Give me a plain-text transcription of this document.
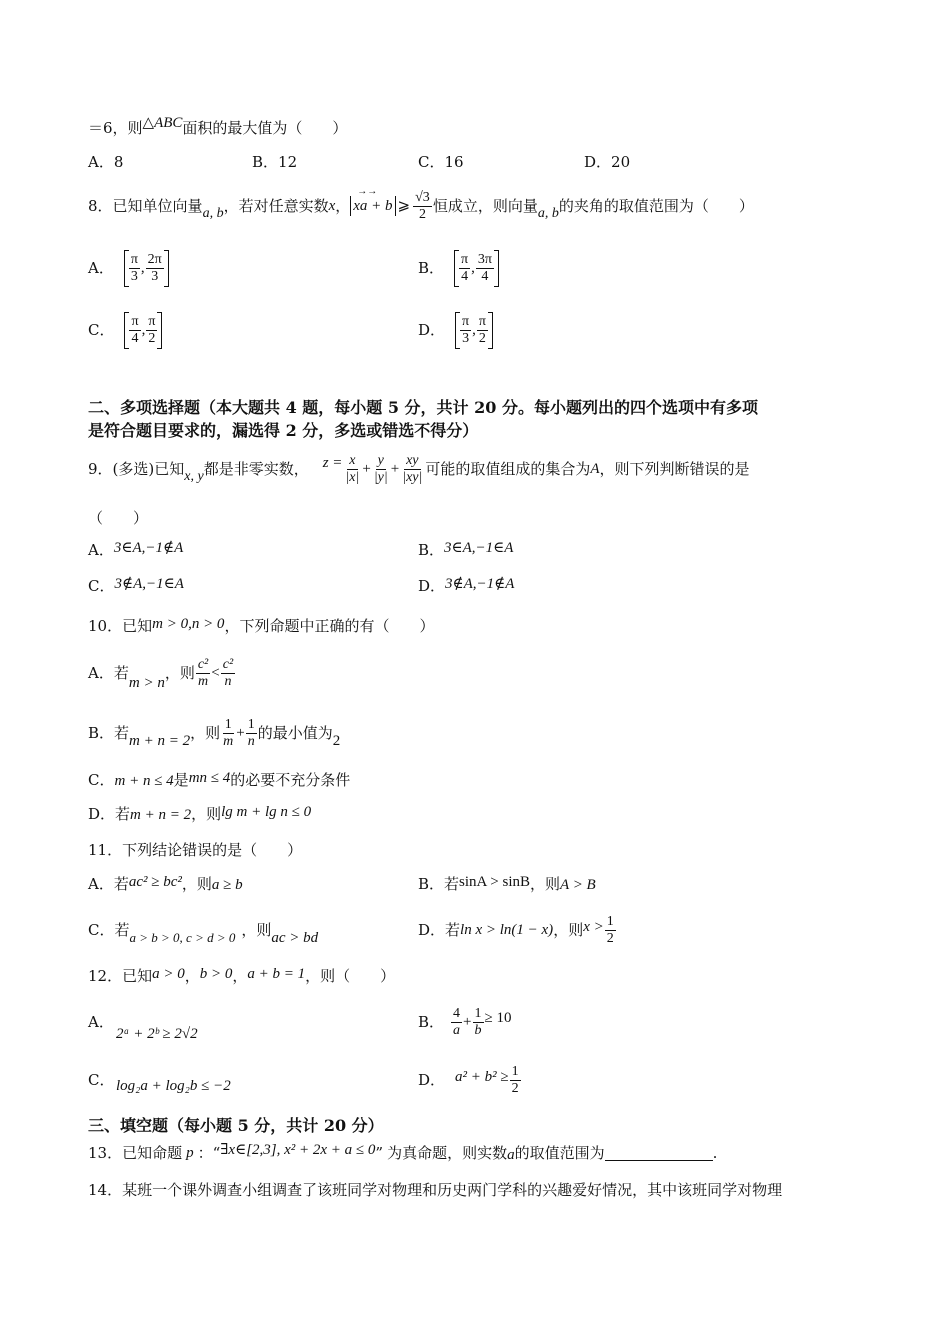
＝6，则△ABC面积的最大值为（　　）
A．8	B．12	C．16	D．20
8． 已知单位向量 a, b ，若对任意实数 x ，
→→
xa + b ⩾ $\frac{√3}{2}$ 恒成立，则向量 a, b 的夹角的取值范围为（　　）
A． $\frac{\pi}{3}$ , $\frac{2\pi}{3}$	B． $\frac{\pi}{4}$ , $\frac{3\pi}{4}$
C． $\frac{\pi}{4}$ , $\frac{\pi}{2}$	D． $\frac{\pi}{3}$ , $\frac{\pi}{2}$
二、多项选择题（本大题共 4 题，每小题 5 分，共计 20 分。每小题列出的四个选项中有多项
是符合题目要求的，漏选得 2 分，多选或错选不得分）
9． (多选)已知 x, y 都是非零实数， $z = \frac{x}{|x|} + \frac{y}{|y|} + \frac{xy}{|xy|}$ 可能的取值组成的集合为 A ，则下列判断错误的是
（　　）
A．3∈A,−1∉A	B．3∈A,−1∈A
C．3∉A,−1∈A	D．3∉A,−1∉A
10．已知m > 0,n > 0，下列命题中正确的有（　　）
A． 若
m > n
，则 $\frac{\text{c²}}{m} < \frac{\text{c²}}{n}$
B． 若 m + n = 2 ，则 $\frac{1}{m} + \frac{1}{n}$ 的最小值为 2
C．m + n ≤ 4是mn ≤ 4的必要不充分条件
D．若m + n = 2，则lg m + lg n ≤ 0
11．下列结论错误的是（　　）
A．若ac² ≥ bc²，则a ≥ b	B．若sinA > sinB，则A > B
C． 若 a > b > 0, c > d > 0 ，则 ac > bd	D． 若 ln x > ln(1 − x) ，则 $x > \frac{1}{2}$
12．已知a > 0，b > 0，a + b = 1，则（　　）
A．
2ᵃ + 2ᵇ ≥ 2√2
B． $\frac{4}{a} + \frac{1}{b} \ge 10$
C． log₂a + log₂b ≤ −2	D． $a^2 + b^2 \ge \frac{1}{2}$
三、填空题（每小题 5 分，共计 20 分）
13． 已知命题 p ： “ ∃x∈[2,3], x² + 2x + a ≤ 0 ” 为真命题，则实数 a 的取值范围为	.
14．某班一个课外调查小组调查了该班同学对物理和历史两门学科的兴趣爱好情况，其中该班同学对物理
